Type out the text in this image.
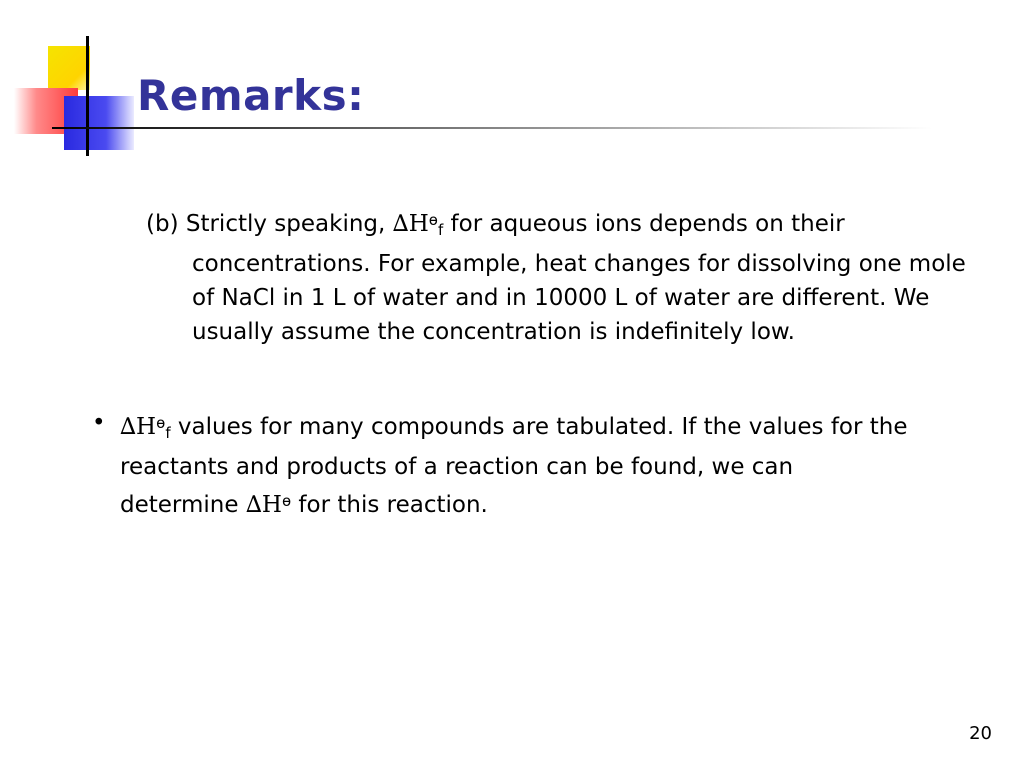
Remarks:
(b) Strictly speaking, $\Delta H^ө_f$ for aqueous ions depends on their concentrations. For example, heat changes for dissolving one mole of NaCl in 1 L of water and in 10000 L of water are different. We usually assume the concentration is indefinitely low.
• $\Delta H^ө_f$ values for many compounds are tabulated. If the values for the reactants and products of a reaction can be found, we can determine $\Delta H^ө$ for this reaction.
20
